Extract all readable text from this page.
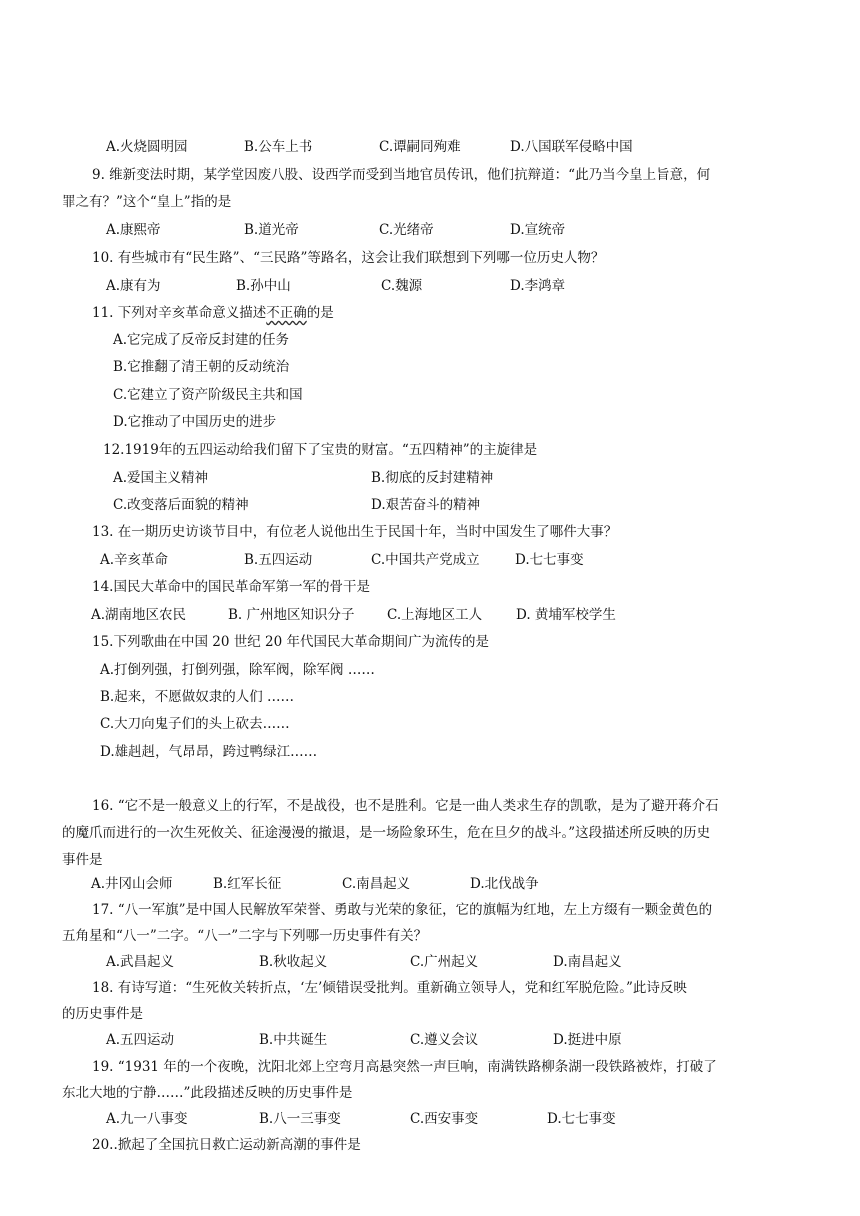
A.火烧圆明园	B.公车上书	C.谭嗣同殉难	D.八国联军侵略中国
9. 维新变法时期，某学堂因废八股、设西学而受到当地官员传讯，他们抗辩道：“此乃当今皇上旨意，何
罪之有？”这个“皇上”指的是
A.康熙帝	B.道光帝	C.光绪帝	D.宣统帝
10. 有些城市有“民生路”、“三民路”等路名，这会让我们联想到下列哪一位历史人物？
A.康有为	B.孙中山	C.魏源	D.李鸿章
11. 下列对辛亥革命意义描述不正确的是
A.它完成了反帝反封建的任务
B.它推翻了清王朝的反动统治
C.它建立了资产阶级民主共和国
D.它推动了中国历史的进步
12.1919年的五四运动给我们留下了宝贵的财富。“五四精神”的主旋律是
A.爱国主义精神	B.彻底的反封建精神
C.改变落后面貌的精神	D.艰苦奋斗的精神
13. 在一期历史访谈节目中，有位老人说他出生于民国十年，当时中国发生了哪件大事？
A.辛亥革命	B.五四运动	C.中国共产党成立	D.七七事变
14.国民大革命中的国民革命军第一军的骨干是
A.湖南地区农民	B. 广州地区知识分子 C.上海地区工人	D. 黄埔军校学生
15.下列歌曲在中国 20 世纪 20 年代国民大革命期间广为流传的是
A.打倒列强，打倒列强，除军阀，除军阀 ……
B.起来，不愿做奴隶的人们 ……
C.大刀向鬼子们的头上砍去……
D.雄赳赳，气昂昂，跨过鸭绿江……
16. “它不是一般意义上的行军，不是战役，也不是胜利。它是一曲人类求生存的凯歌，是为了避开蒋介石
的魔爪而进行的一次生死攸关、征途漫漫的撤退，是一场险象环生，危在旦夕的战斗。”这段描述所反映的历史
事件是
A.井冈山会师	B.红军长征	C.南昌起义	D.北伐战争
17. “八一军旗”是中国人民解放军荣誉、勇敢与光荣的象征，它的旗幅为红地，左上方缀有一颗金黄色的
五角星和“八一”二字。“八一”二字与下列哪一历史事件有关？
A.武昌起义	B.秋收起义	C.广州起义	D.南昌起义
18. 有诗写道：“生死攸关转折点，‘左’倾错误受批判。重新确立领导人，党和红军脱危险。”此诗反映
的历史事件是
A.五四运动	B.中共诞生	C.遵义会议	D.挺进中原
19. “1931 年的一个夜晚，沈阳北郊上空弯月高悬突然一声巨响，南满铁路柳条湖一段铁路被炸，打破了
东北大地的宁静……”此段描述反映的历史事件是
A.九一八事变	B.八一三事变	C.西安事变	D.七七事变
20..掀起了全国抗日救亡运动新高潮的事件是
